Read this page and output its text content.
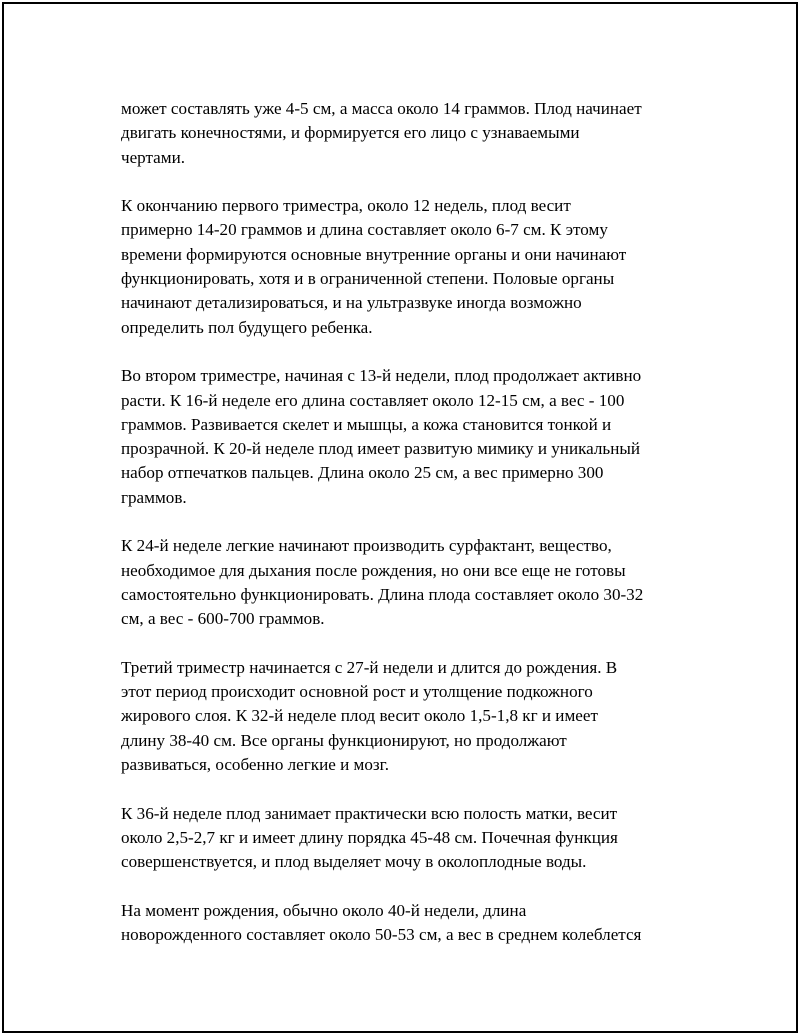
может составлять уже 4-5 см, а масса около 14 граммов. Плод начинает
двигать конечностями, и формируется его лицо с узнаваемыми
чертами.

К окончанию первого триместра, около 12 недель, плод весит
примерно 14-20 граммов и длина составляет около 6-7 см. К этому
времени формируются основные внутренние органы и они начинают
функционировать, хотя и в ограниченной степени. Половые органы
начинают детализироваться, и на ультразвуке иногда возможно
определить пол будущего ребенка.

Во втором триместре, начиная с 13-й недели, плод продолжает активно
расти. К 16-й неделе его длина составляет около 12-15 см, а вес - 100
граммов. Развивается скелет и мышцы, а кожа становится тонкой и
прозрачной. К 20-й неделе плод имеет развитую мимику и уникальный
набор отпечатков пальцев. Длина около 25 см, а вес примерно 300
граммов.

К 24-й неделе легкие начинают производить сурфактант, вещество,
необходимое для дыхания после рождения, но они все еще не готовы
самостоятельно функционировать. Длина плода составляет около 30-32
см, а вес - 600-700 граммов.

Третий триместр начинается с 27-й недели и длится до рождения. В
этот период происходит основной рост и утолщение подкожного
жирового слоя. К 32-й неделе плод весит около 1,5-1,8 кг и имеет
длину 38-40 см. Все органы функционируют, но продолжают
развиваться, особенно легкие и мозг.

К 36-й неделе плод занимает практически всю полость матки, весит
около 2,5-2,7 кг и имеет длину порядка 45-48 см. Почечная функция
совершенствуется, и плод выделяет мочу в околоплодные воды.

На момент рождения, обычно около 40-й недели, длина
новорожденного составляет около 50-53 см, а вес в среднем колеблется
